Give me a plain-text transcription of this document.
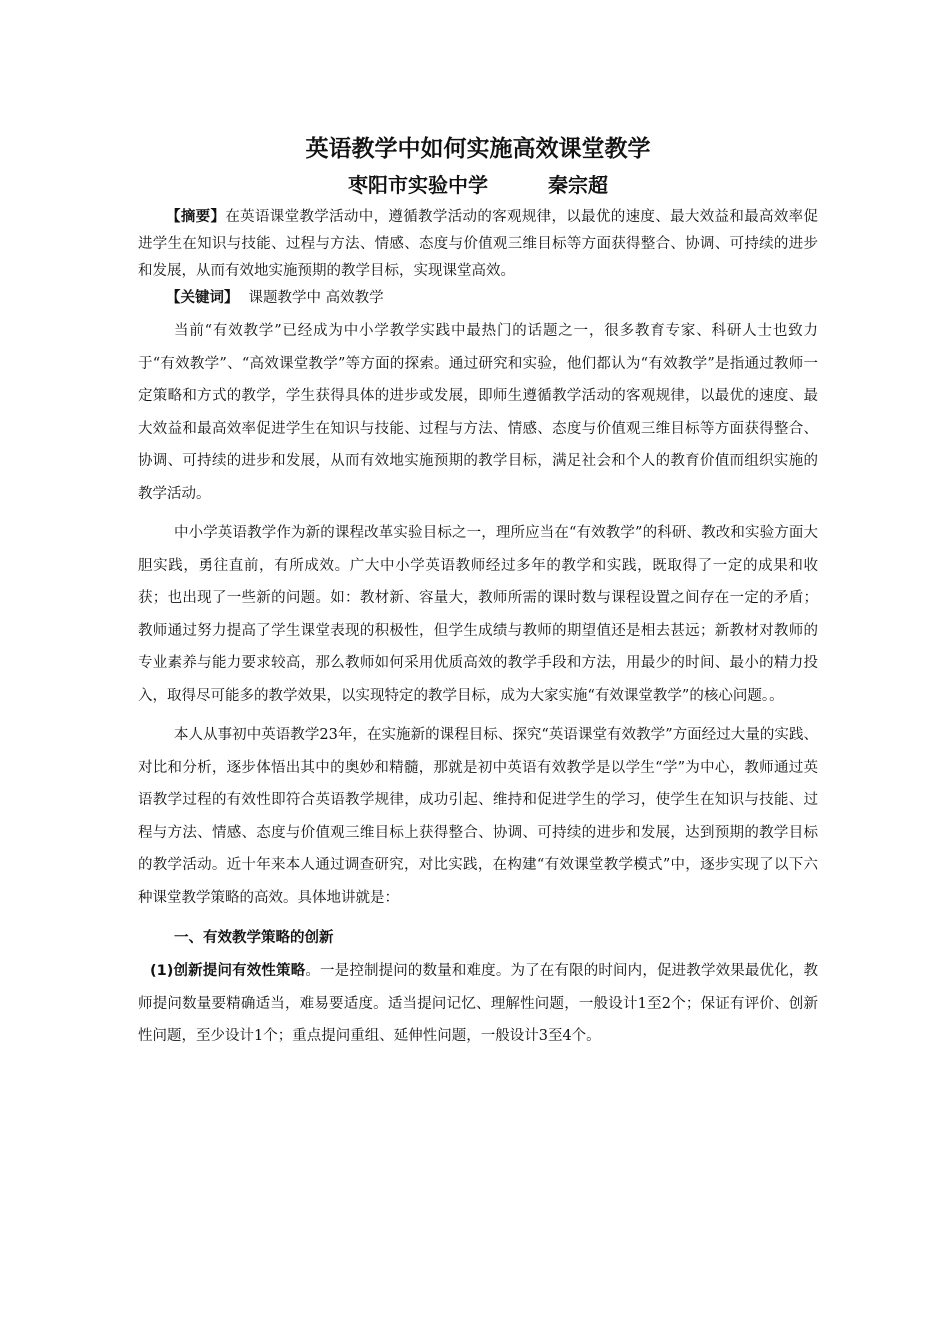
英语教学中如何实施高效课堂教学

枣阳市实验中学　　　秦宗超

【摘要】在英语课堂教学活动中，遵循教学活动的客观规律，以最优的速度、最大效益和最高效率促进学生在知识与技能、过程与方法、情感、态度与价值观三维目标等方面获得整合、协调、可持续的进步和发展，从而有效地实施预期的教学目标，实现课堂高效。

【关键词】 课题教学中 高效教学

当前“有效教学”已经成为中小学教学实践中最热门的话题之一，很多教育专家、科研人士也致力于“有效教学”、“高效课堂教学”等方面的探索。通过研究和实验，他们都认为“有效教学”是指通过教师一定策略和方式的教学，学生获得具体的进步或发展，即师生遵循教学活动的客观规律，以最优的速度、最大效益和最高效率促进学生在知识与技能、过程与方法、情感、态度与价值观三维目标等方面获得整合、协调、可持续的进步和发展，从而有效地实施预期的教学目标，满足社会和个人的教育价值而组织实施的教学活动。

中小学英语教学作为新的课程改革实验目标之一，理所应当在“有效教学”的科研、教改和实验方面大胆实践，勇往直前，有所成效。广大中小学英语教师经过多年的教学和实践，既取得了一定的成果和收获；也出现了一些新的问题。如：教材新、容量大，教师所需的课时数与课程设置之间存在一定的矛盾；教师通过努力提高了学生课堂表现的积极性，但学生成绩与教师的期望值还是相去甚远；新教材对教师的专业素养与能力要求较高，那么教师如何采用优质高效的教学手段和方法，用最少的时间、最小的精力投入，取得尽可能多的教学效果，以实现特定的教学目标，成为大家实施“有效课堂教学”的核心问题。。

本人从事初中英语教学23年，在实施新的课程目标、探究“英语课堂有效教学”方面经过大量的实践、对比和分析，逐步体悟出其中的奥妙和精髓，那就是初中英语有效教学是以学生“学”为中心，教师通过英语教学过程的有效性即符合英语教学规律，成功引起、维持和促进学生的学习，使学生在知识与技能、过程与方法、情感、态度与价值观三维目标上获得整合、协调、可持续的进步和发展，达到预期的教学目标的教学活动。近十年来本人通过调查研究，对比实践，在构建“有效课堂教学模式”中，逐步实现了以下六种课堂教学策略的高效。具体地讲就是：

一、有效教学策略的创新

(1)创新提问有效性策略。一是控制提问的数量和难度。为了在有限的时间内，促进教学效果最优化，教师提问数量要精确适当，难易要适度。适当提问记忆、理解性问题，一般设计1至2个；保证有评价、创新性问题，至少设计1个；重点提问重组、延伸性问题，一般设计3至4个。
